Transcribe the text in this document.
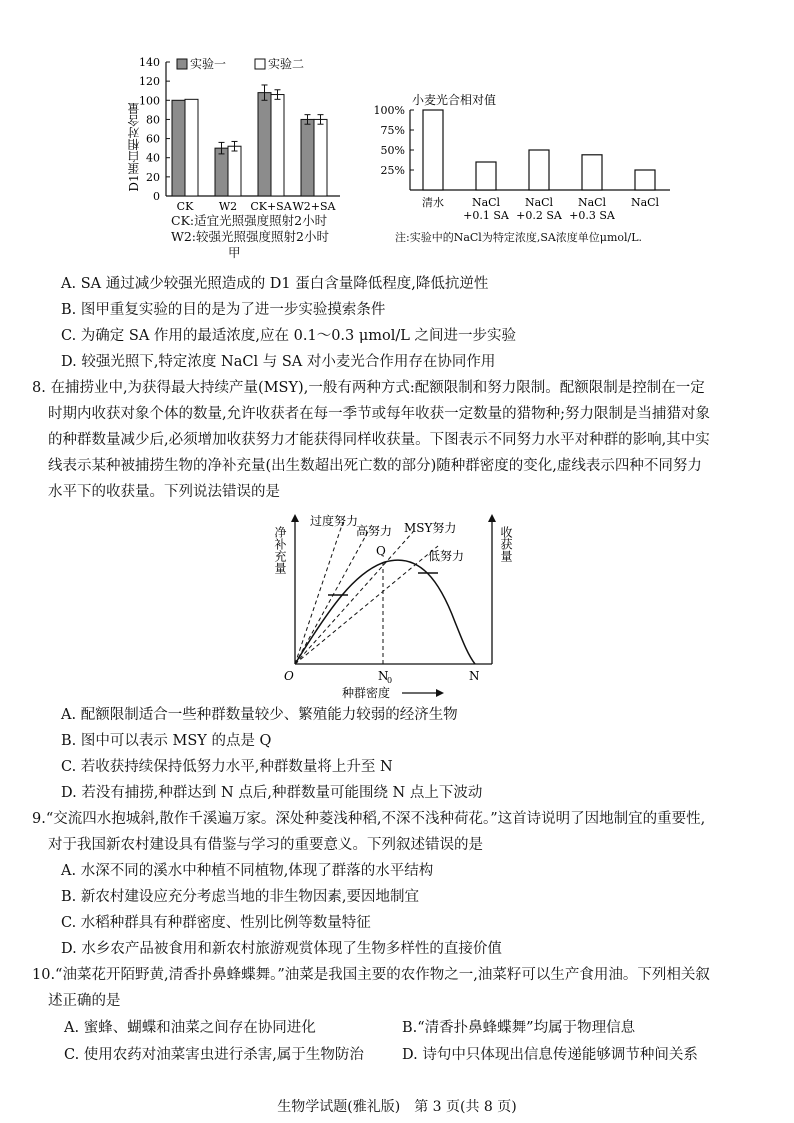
实验一	实验二
D1蛋白相对含量
140
120
100
80
60
40
20
0
CK W2 CK+SA W2+SA
CK:适宜光照强度照射2小时
W2:较强光照强度照射2小时
甲
小麦光合相对值
100%
75%
50%
25%
清水	NaCl
+0.1 SA
NaCl
+0.2 SA
NaCl
+0.3 SA
NaCl
注:实验中的NaCl为特定浓度,SA浓度单位μmol/L.
A. SA 通过减少较强光照造成的 D1 蛋白含量降低程度,降低抗逆性
B. 图甲重复实验的目的是为了进一步实验摸索条件
C. 为确定 SA 作用的最适浓度,应在 0.1～0.3 μmol/L 之间进一步实验
D. 较强光照下,特定浓度 NaCl 与 SA 对小麦光合作用存在协同作用
8. 在捕捞业中,为获得最大持续产量(MSY),一般有两种方式:配额限制和努力限制。配额限制是控制在一定
时期内收获对象个体的数量,允许收获者在每一季节或每年收获一定数量的猎物种;努力限制是当捕猎对象
的种群数量减少后,必须增加收获努力才能获得同样收获量。下图表示不同努力水平对种群的影响,其中实
线表示某种被捕捞生物的净补充量(出生数超出死亡数的部分)随种群密度的变化,虚线表示四种不同努力
水平下的收获量。下列说法错误的是
净补充量	收获量
过度努力
高努力 MSY努力
低努力
Q
O	N
0	N
种群密度
A. 配额限制适合一些种群数量较少、繁殖能力较弱的经济生物
B. 图中可以表示 MSY 的点是 Q
C. 若收获持续保持低努力水平,种群数量将上升至 N
D. 若没有捕捞,种群达到 N 点后,种群数量可能围绕 N 点上下波动
9.“交流四水抱城斜,散作千溪遍万家。深处种菱浅种稻,不深不浅种荷花。”这首诗说明了因地制宜的重要性,
对于我国新农村建设具有借鉴与学习的重要意义。下列叙述错误的是
A. 水深不同的溪水中种植不同植物,体现了群落的水平结构
B. 新农村建设应充分考虑当地的非生物因素,要因地制宜
C. 水稻种群具有种群密度、性别比例等数量特征
D. 水乡农产品被食用和新农村旅游观赏体现了生物多样性的直接价值
10.“油菜花开陌野黄,清香扑鼻蜂蝶舞。”油菜是我国主要的农作物之一,油菜籽可以生产食用油。下列相关叙
述正确的是
A. 蜜蜂、蝴蝶和油菜之间存在协同进化	B.“清香扑鼻蜂蝶舞”均属于物理信息
C. 使用农药对油菜害虫进行杀害,属于生物防治	D. 诗句中只体现出信息传递能够调节种间关系
生物学试题(雅礼版)　第 3 页(共 8 页)
